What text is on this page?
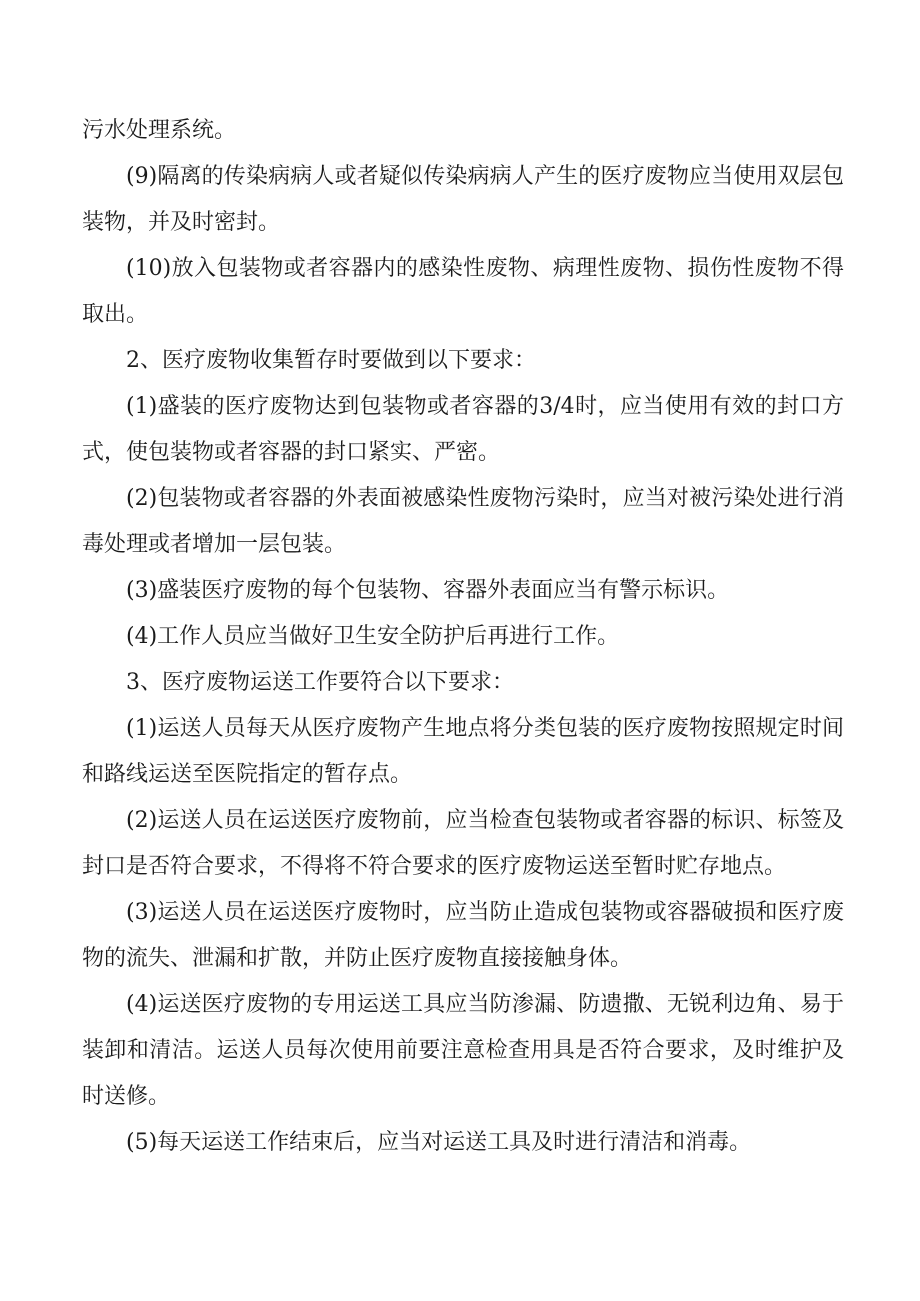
污水处理系统。

(9)隔离的传染病病人或者疑似传染病病人产生的医疗废物应当使用双层包装物，并及时密封。

(10)放入包装物或者容器内的感染性废物、病理性废物、损伤性废物不得取出。

2、医疗废物收集暂存时要做到以下要求：

(1)盛装的医疗废物达到包装物或者容器的3/4时，应当使用有效的封口方式，使包装物或者容器的封口紧实、严密。

(2)包装物或者容器的外表面被感染性废物污染时，应当对被污染处进行消毒处理或者增加一层包装。

(3)盛装医疗废物的每个包装物、容器外表面应当有警示标识。

(4)工作人员应当做好卫生安全防护后再进行工作。

3、医疗废物运送工作要符合以下要求：

(1)运送人员每天从医疗废物产生地点将分类包装的医疗废物按照规定时间和路线运送至医院指定的暂存点。

(2)运送人员在运送医疗废物前，应当检查包装物或者容器的标识、标签及封口是否符合要求，不得将不符合要求的医疗废物运送至暂时贮存地点。

(3)运送人员在运送医疗废物时，应当防止造成包装物或容器破损和医疗废物的流失、泄漏和扩散，并防止医疗废物直接接触身体。

(4)运送医疗废物的专用运送工具应当防渗漏、防遗撒、无锐利边角、易于装卸和清洁。运送人员每次使用前要注意检查用具是否符合要求，及时维护及时送修。

(5)每天运送工作结束后，应当对运送工具及时进行清洁和消毒。
